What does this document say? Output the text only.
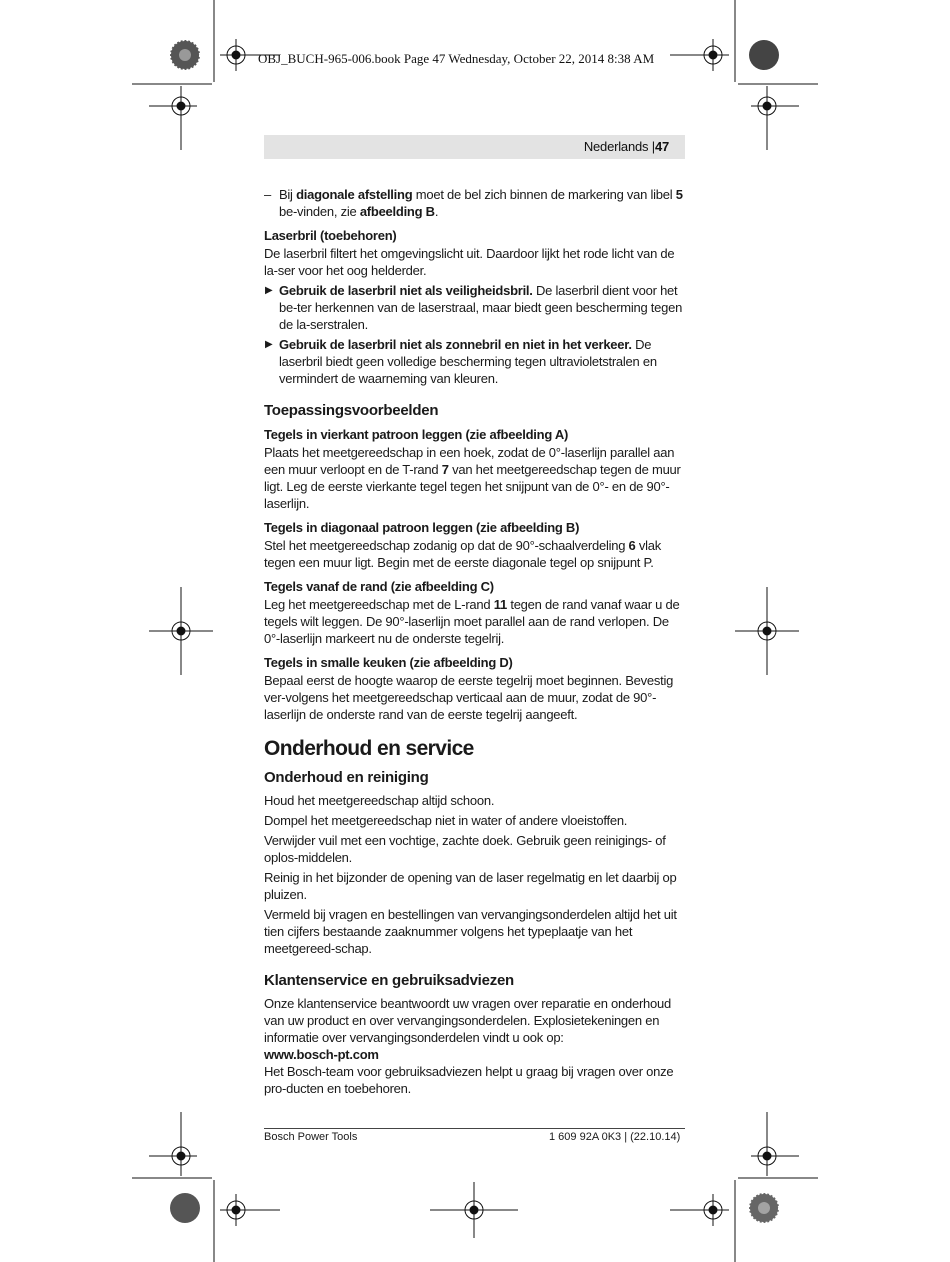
OBJ_BUCH-965-006.book Page 47 Wednesday, October 22, 2014 8:38 AM
Nederlands |47
– Bij diagonale afstelling moet de bel zich binnen de markering van libel 5 be-vinden, zie afbeelding B.
Laserbril (toebehoren)

De laserbril filtert het omgevingslicht uit. Daardoor lijkt het rode licht van de la-ser voor het oog helderder.

▶ Gebruik de laserbril niet als veiligheidsbril. De laserbril dient voor het be-ter herkennen van de laserstraal, maar biedt geen bescherming tegen de la-serstralen.
▶ Gebruik de laserbril niet als zonnebril en niet in het verkeer. De laserbril biedt geen volledige bescherming tegen ultravioletstralen en vermindert de waarneming van kleuren.
Toepassingsvoorbeelden
Tegels in vierkant patroon leggen (zie afbeelding A)

Plaats het meetgereedschap in een hoek, zodat de 0°-laserlijn parallel aan een muur verloopt en de T-rand 7 van het meetgereedschap tegen de muur ligt. Leg de eerste vierkante tegel tegen het snijpunt van de 0°- en de 90°-laserlijn.

Tegels in diagonaal patroon leggen (zie afbeelding B)

Stel het meetgereedschap zodanig op dat de 90°-schaalverdeling 6 vlak tegen een muur ligt. Begin met de eerste diagonale tegel op snijpunt P.

Tegels vanaf de rand (zie afbeelding C)

Leg het meetgereedschap met de L-rand 11 tegen de rand vanaf waar u de tegels wilt leggen. De 90°-laserlijn moet parallel aan de rand verlopen. De 0°-laserlijn markeert nu de onderste tegelrij.

Tegels in smalle keuken (zie afbeelding D)

Bepaal eerst de hoogte waarop de eerste tegelrij moet beginnen. Bevestig ver-volgens het meetgereedschap verticaal aan de muur, zodat de 90°-laserlijn de onderste rand van de eerste tegelrij aangeeft.

Onderhoud en service
Onderhoud en reiniging

Houd het meetgereedschap altijd schoon.

Dompel het meetgereedschap niet in water of andere vloeistoffen.

Verwijder vuil met een vochtige, zachte doek. Gebruik geen reinigings- of oplos-middelen.

Reinig in het bijzonder de opening van de laser regelmatig en let daarbij op pluizen.

Vermeld bij vragen en bestellingen van vervangingsonderdelen altijd het uit tien cijfers bestaande zaaknummer volgens het typeplaatje van het meetgereed-schap.

Klantenservice en gebruiksadviezen

Onze klantenservice beantwoordt uw vragen over reparatie en onderhoud van uw product en over vervangingsonderdelen. Explosietekeningen en informatie over vervangingsonderdelen vindt u ook op:

www.bosch-pt.com

Het Bosch-team voor gebruiksadviezen helpt u graag bij vragen over onze pro-ducten en toebehoren.

Bosch Power Tools	1 609 92A 0K3 | (22.10.14)
